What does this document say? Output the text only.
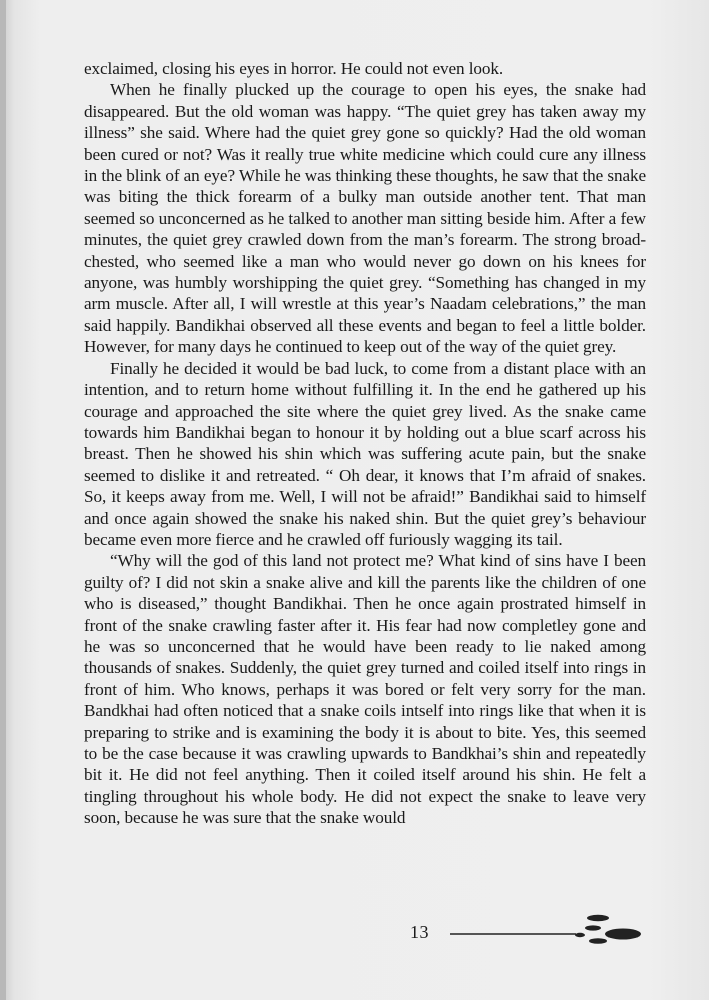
exclaimed, closing his eyes in horror. He could not even look.

When he finally plucked up the courage to open his eyes, the snake had disappeared. But the old woman was happy. “The quiet grey has taken away my illness” she said. Where had the quiet grey gone so quickly? Had the old woman been cured or not? Was it really true white medicine which could cure any illness in the blink of an eye? While he was thinking these thoughts, he saw that the snake was biting the thick forearm of a bulky man outside another tent. That man seemed so unconcerned as he talked to another man sitting beside him. After a few minutes, the quiet grey crawled down from the man’s forearm. The strong broad-chested, who seemed like a man who would never go down on his knees for anyone, was humbly worshipping the quiet grey. “Something has changed in my arm muscle. After all, I will wrestle at this year’s Naadam celebrations,” the man said happily. Bandikhai observed all these events and began to feel a little bolder. However, for many days he continued to keep out of the way of the quiet grey.

Finally he decided it would be bad luck, to come from a distant place with an intention, and to return home without fulfilling it. In the end he gathered up his courage and approached the site where the quiet grey lived. As the snake came towards him Bandikhai began to honour it by holding out a blue scarf across his breast. Then he showed his shin which was suffering acute pain, but the snake seemed to dislike it and retreated. “ Oh dear, it knows that I’m afraid of snakes. So, it keeps away from me. Well, I will not be afraid!” Bandikhai said to himself and once again showed the snake his naked shin. But the quiet grey’s behaviour became even more fierce and he crawled off furiously wagging its tail.

“Why will the god of this land not protect me? What kind of sins have I been guilty of? I did not skin a snake alive and kill the parents like the children of one who is diseased,” thought Bandikhai. Then he once again prostrated himself in front of the snake crawling faster after it. His fear had now completley gone and he was so unconcerned that he would have been ready to lie naked among thousands of snakes. Suddenly, the quiet grey turned and coiled itself into rings in front of him. Who knows, perhaps it was bored or felt very sorry for the man. Bandkhai had often noticed that a snake coils intself into rings like that when it is preparing to strike and is examining the body it is about to bite. Yes, this seemed to be the case because it was crawling upwards to Bandkhai’s shin and repeatedly bit it. He did not feel anything. Then it coiled itself around his shin. He felt a tingling throughout his whole body. He did not expect the snake to leave very soon, because he was sure that the snake would

13
